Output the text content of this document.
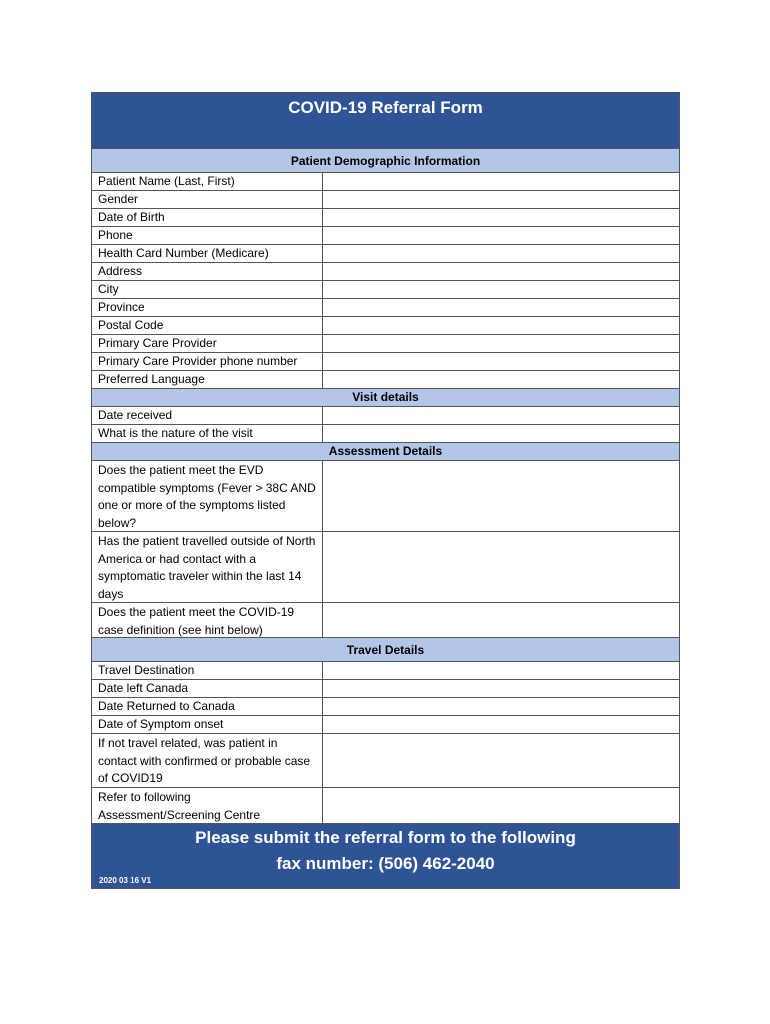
COVID-19 Referral Form
Patient Demographic Information
Patient Name (Last, First)
Gender
Date of Birth
Phone
Health Card Number (Medicare)
Address
City
Province
Postal Code
Primary Care Provider
Primary Care Provider phone number
Preferred Language
Visit details
Date received
What is the nature of the visit
Assessment Details
Does the patient meet the EVD compatible symptoms (Fever > 38C AND one or more of the symptoms listed below?
Has the patient travelled outside of North America or had contact with a symptomatic traveler within the last 14 days
Does the patient meet the COVID-19 case definition (see hint below)
Travel Details
Travel Destination
Date left Canada
Date Returned to Canada
Date of Symptom onset
If not travel related, was patient in contact with confirmed or probable case of COVID19
Refer to following Assessment/Screening Centre
Please submit the referral form to the following
fax number: (506) 462-2040
2020 03 16 V1
